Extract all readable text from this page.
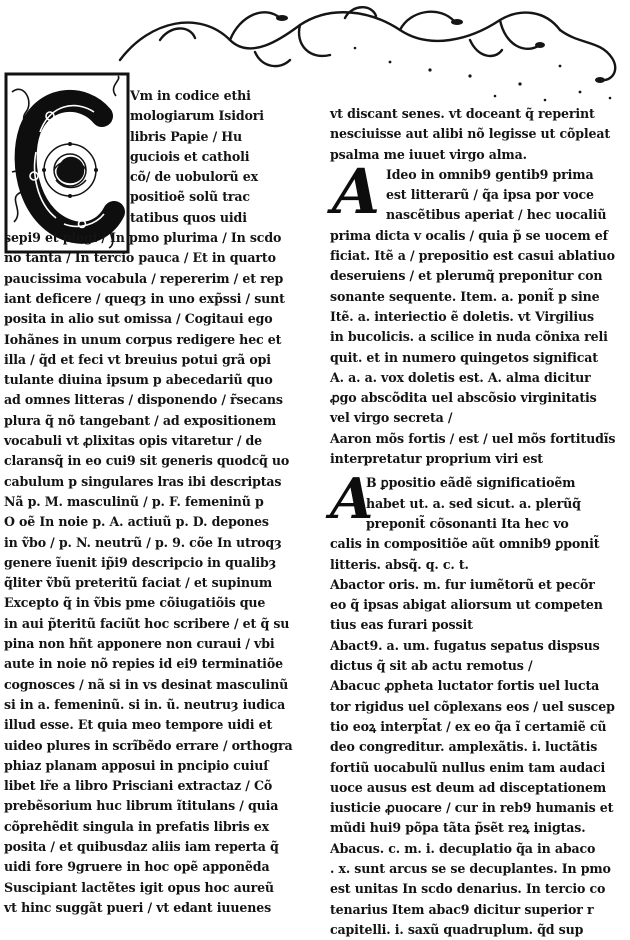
Vm in codice ethi
mologiarum Isidori
libris Papie / Hu
guciois et catholi
cõ/ de uobulorũ ex
positioẽ solũ trac
tatibus quos uidi
sepi9 et plegi / In pmo plurima / In scdo
nõ tanta / In tercio pauca / Et in quarto
paucissima vocabula / repererim / et rep
iant deficere / queqȝ in uno exp̃ssi / sunt
posita in alio sut omissa / Cogitaui ego
Iohãnes in unum corpus redigere hec et
illa / q̃d et feci vt breuius potui grã opi
tulante diuina ipsum p abecedariũ quo
ad omnes litteras / disponendo / r̃secans
plura q̃ nõ tangebant / ad expositionem
vocabuli vt ꝓlixitas opis vitaretur / de
claransq̃ in eo cui9 sit generis quodcq̃ uo
cabulum p singulares lras ibi descriptas
Nã p. M. masculinũ / p. F. femeninũ p
O oẽ In noie p. A. actiuũ p. D. depones
in ṽbo / p. N. neutrũ / p. 9. cõe In utroqȝ
genere ĩuenit ip̃i9 descripcio in qualibȝ
q̃liter ṽbũ preteritũ faciat / et supinum
Excepto q̃ in ṽbis pme cõiugatiõis que
in aui p̃teritũ faciũt hoc scribere / et q̃ su
pina non hñt apponere non curaui / vbi
aute in noie nõ repies id ei9 terminatiõe
cognosces / nã si in vs desinat masculinũ
si in a. femeninũ. si in. ũ. neutruȝ iudica
illud esse. Et quia meo tempore uidi et
uideo plures in scrĩbẽdo errare / orthogra
phiaz planam apposui in pncipio cuiuſ
libet lr̃e a libro Prisciani extractaz / Cõ
prebẽsorium huc librum ĩtitulans / quia
cõprehẽdit singula in prefatis libris ex
posita / et quibusdaz aliis iam reperta q̃
uidi fore 9gruere in hoc opẽ apponẽda
Suscipiant lactẽtes igit opus hoc aureũ
vt hinc suggãt pueri / vt edant iuuenes
vt discant senes. vt doceant q̃ reperint
nesciuisse aut alibi nõ legisse ut cõpleat
psalma me iuuet virgo alma.
A
Ideo in omnib9 gentib9 prima
est litterarũ / q̃a ipsa por voce
nascẽtibus aperiat / hec uocaliũ
prima dicta v ocalis / quia p̃ se uocem ef
ficiat. Itẽ a / prepositio est casui ablatiuo
deseruiens / et plerumq̃ preponitur con
sonante sequente. Item. a. ponit̃ p sine
Itẽ. a. interiectio ẽ doletis. vt Virgilius
in bucolicis. a scilice in nuda cõnixa reli
quit. et in numero quingetos significat
A. a. a. vox doletis est. A. alma dicitur
ꝓgo abscõdita uel abscõsio virginitatis
vel virgo secreta /
Aaron mõs fortis / est / uel mõs fortitudĩs
interpretatur proprium viri est
A
B ꝑpositio eãdẽ significatioẽm
habet ut. a. sed sicut. a. plerũq̃
preponit̃ cõsonanti Ita hec vo
calis in compositiõe aũt omnib9 ꝑponit̃
litteris. absq̃. q. c. t.
Abactor oris. m. fur iumẽtorũ et pecõr
eo q̃ ipsas abigat aliorsum ut competen
tius eas furari possit
Abact9. a. um. fugatus sepatus dispsus
dictus q̃ sit ab actu remotus /
Abacuc ꝓpheta luctator fortis uel lucta
tor rigidus uel cõplexans eos / uel suscep
tio eoꝝ interpt̃at / ex eo q̃a ĩ certamiẽ cũ
deo congreditur. amplexãtis. i. luctãtis
fortiũ uocabulũ nullus enim tam audaci
uoce ausus est deum ad disceptationem
iusticie ꝓuocare / cur in reb9 humanis et
mũdi hui9 põpa tãta p̃sẽt reꝝ inigtas.
Abacus. c. m. i. decuplatio q̃a in abaco
. x. sunt arcus se se decuplantes. In pmo
est unitas In scdo denarius. In tercio co
tenarius Item abac9 dicitur superior r
capitelli. i. saxũ quadruplum. q̃d sup
